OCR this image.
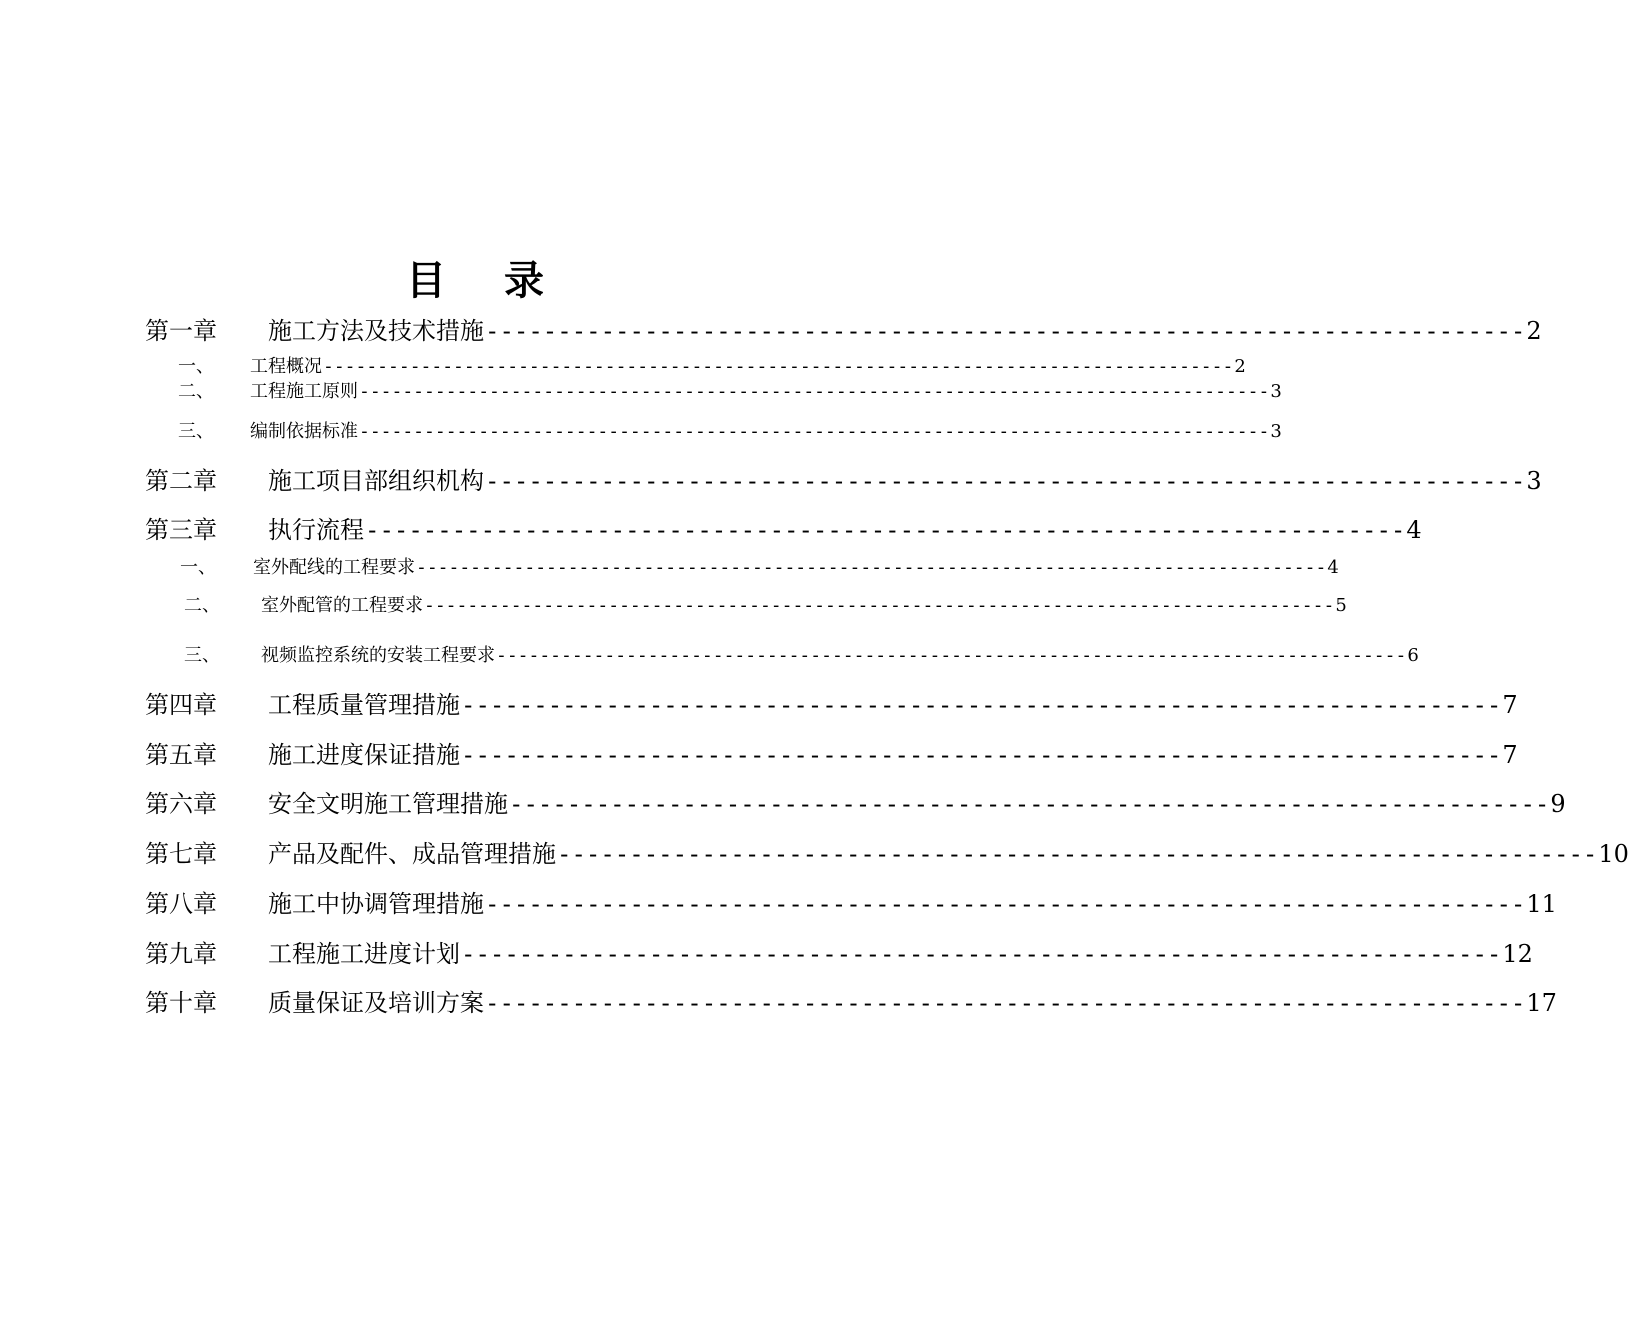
目 录
第一章	施工方法及技术措施 ------------------------------------------------------------------------ 2
一、	工程概况 ------------------------------------------------------------------------------------ 2
二、	工程施工原则 ------------------------------------------------------------------------------------ 3
三、	编制依据标准 ------------------------------------------------------------------------------------ 3
第二章	施工项目部组织机构 ------------------------------------------------------------------------ 3
第三章	执行流程 ------------------------------------------------------------------------ 4
一、	室外配线的工程要求 ------------------------------------------------------------------------------------ 4
二、	室外配管的工程要求 ------------------------------------------------------------------------------------ 5
三、	视频监控系统的安装工程要求 ------------------------------------------------------------------------------------ 6
第四章	工程质量管理措施 ------------------------------------------------------------------------ 7
第五章	施工进度保证措施 ------------------------------------------------------------------------ 7
第六章	安全文明施工管理措施 ------------------------------------------------------------------------ 9
第七章	产品及配件、成品管理措施 ------------------------------------------------------------------------ 10
第八章	施工中协调管理措施 ------------------------------------------------------------------------ 11
第九章	工程施工进度计划 ------------------------------------------------------------------------ 12
第十章	质量保证及培训方案 ------------------------------------------------------------------------ 17
